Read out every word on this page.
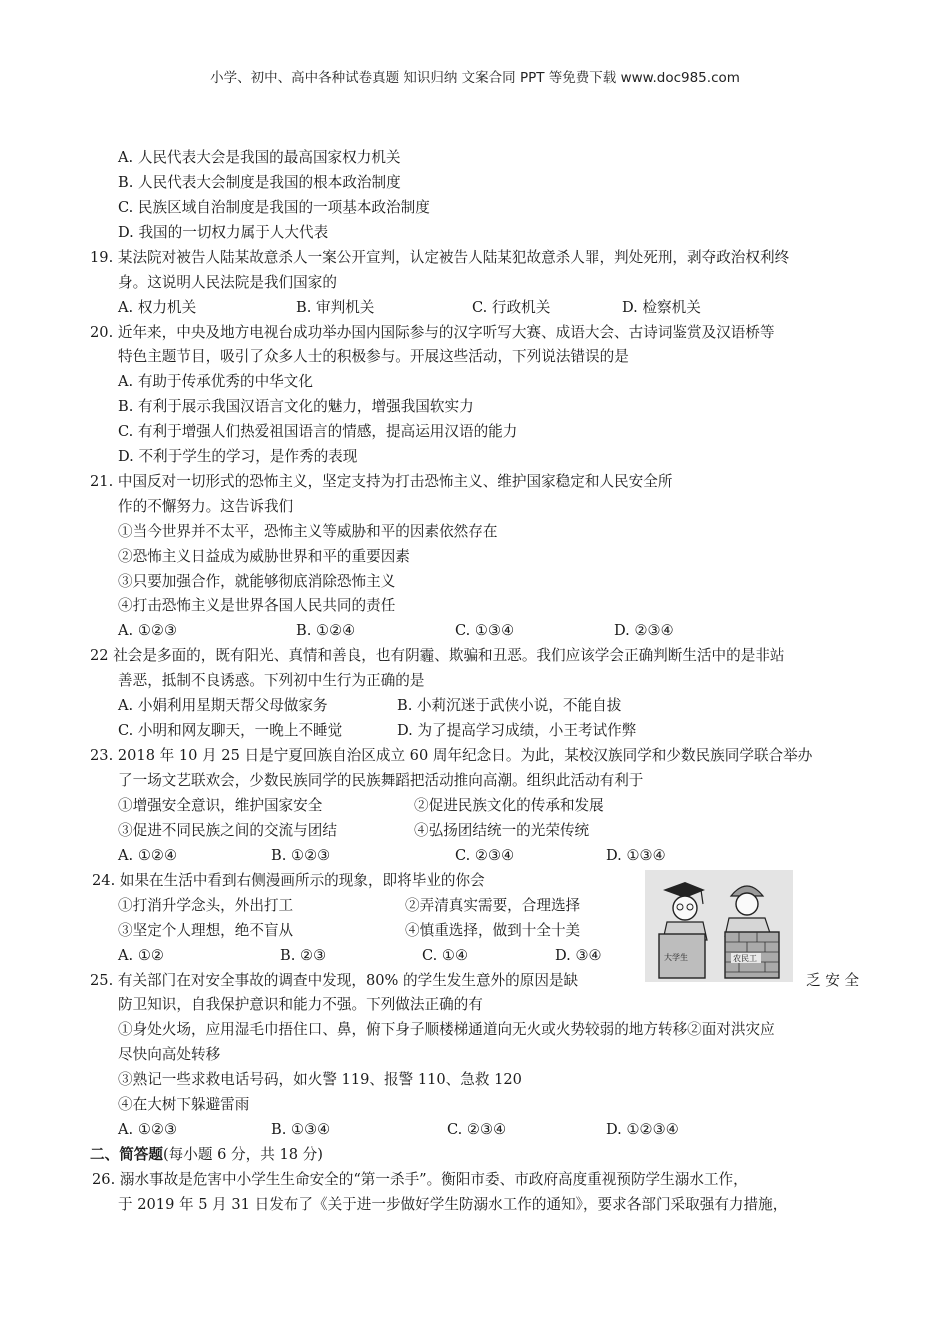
小学、初中、高中各种试卷真题 知识归纳 文案合同 PPT 等免费下载 www.doc985.com
A. 人民代表大会是我国的最高国家权力机关
B. 人民代表大会制度是我国的根本政治制度
C. 民族区域自治制度是我国的一项基本政治制度
D. 我国的一切权力属于人大代表
19. 某法院对被告人陆某故意杀人一案公开宣判，认定被告人陆某犯故意杀人罪，判处死刑，剥夺政治权利终
身。这说明人民法院是我们国家的
A. 权力机关	B. 审判机关	C. 行政机关	D. 检察机关
20. 近年来，中央及地方电视台成功举办国内国际参与的汉字听写大赛、成语大会、古诗词鉴赏及汉语桥等
特色主题节目，吸引了众多人士的积极参与。开展这些活动，下列说法错误的是
A. 有助于传承优秀的中华文化
B. 有利于展示我国汉语言文化的魅力，增强我国软实力
C. 有利于增强人们热爱祖国语言的情感，提高运用汉语的能力
D. 不利于学生的学习，是作秀的表现
21. 中国反对一切形式的恐怖主义，坚定支持为打击恐怖主义、维护国家稳定和人民安全所
作的不懈努力。这告诉我们
①当今世界并不太平，恐怖主义等威胁和平的因素依然存在
②恐怖主义日益成为威胁世界和平的重要因素
③只要加强合作，就能够彻底消除恐怖主义
④打击恐怖主义是世界各国人民共同的责任
A. ①②③	B. ①②④	C. ①③④	D. ②③④
22 社会是多面的，既有阳光、真情和善良，也有阴霾、欺骗和丑恶。我们应该学会正确判断生活中的是非站
善恶，抵制不良诱惑。下列初中生行为正确的是
A. 小娟利用星期天帮父母做家务	B. 小莉沉迷于武侠小说，不能自拔
C. 小明和网友聊天，一晚上不睡觉	D. 为了提高学习成绩，小王考试作弊
23. 2018 年 10 月 25 日是宁夏回族自治区成立 60 周年纪念日。为此，某校汉族同学和少数民族同学联合举办
了一场文艺联欢会，少数民族同学的民族舞蹈把活动推向高潮。组织此活动有利于
①增强安全意识，维护国家安全	②促进民族文化的传承和发展
③促进不同民族之间的交流与团结	④弘扬团结统一的光荣传统
A. ①②④	B. ①②③	C. ②③④	D. ①③④
24. 如果在生活中看到右侧漫画所示的现象，即将毕业的你会
①打消升学念头，外出打工	②弄清真实需要，合理选择
③坚定个人理想，绝不盲从	④慎重选择，做到十全十美
A. ①②	B. ②③	C. ①④	D. ③④	大学生	农民工
25. 有关部门在对安全事故的调查中发现，80% 的学生发生意外的原因是缺	乏 安 全
防卫知识，自我保护意识和能力不强。下列做法正确的有
①身处火场，应用湿毛巾捂住口、鼻，俯下身子顺楼梯通道向无火或火势较弱的地方转移②面对洪灾应
尽快向高处转移
③熟记一些求救电话号码，如火警 119、报警 110、急救 120
④在大树下躲避雷雨
A. ①②③	B. ①③④	C. ②③④	D. ①②③④
二、简答题(每小题 6 分，共 18 分)
26. 溺水事故是危害中小学生生命安全的“第一杀手”。衡阳市委、市政府高度重视预防学生溺水工作，
于 2019 年 5 月 31 日发布了《关于进一步做好学生防溺水工作的通知》，要求各部门采取强有力措施，
